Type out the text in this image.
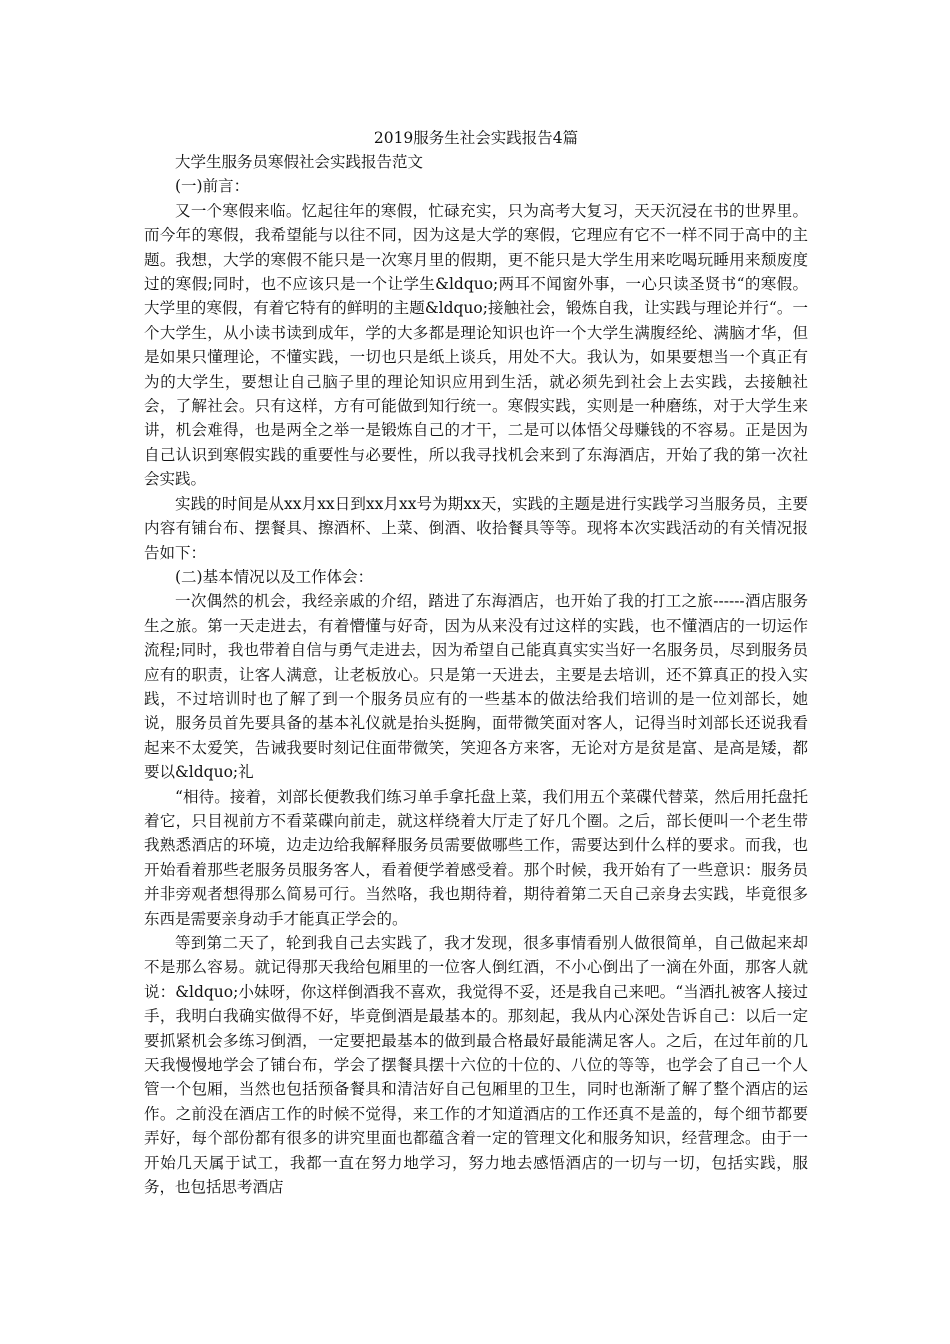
2019服务生社会实践报告4篇

大学生服务员寒假社会实践报告范文

(一)前言：

又一个寒假来临。忆起往年的寒假，忙碌充实，只为高考大复习，天天沉浸在书的世界里。而今年的寒假，我希望能与以往不同，因为这是大学的寒假，它理应有它不一样不同于高中的主题。我想，大学的寒假不能只是一次寒月里的假期，更不能只是大学生用来吃喝玩睡用来颓废度过的寒假;同时，也不应该只是一个让学生&ldquo;两耳不闻窗外事，一心只读圣贤书“的寒假。大学里的寒假，有着它特有的鲜明的主题&ldquo;接触社会，锻炼自我，让实践与理论并行“。一个大学生，从小读书读到成年，学的大多都是理论知识也许一个大学生满腹经纶、满脑才华，但是如果只懂理论，不懂实践，一切也只是纸上谈兵，用处不大。我认为，如果要想当一个真正有为的大学生，要想让自己脑子里的理论知识应用到生活，就必须先到社会上去实践，去接触社会，了解社会。只有这样，方有可能做到知行统一。寒假实践，实则是一种磨练，对于大学生来讲，机会难得，也是两全之举一是锻炼自己的才干，二是可以体悟父母赚钱的不容易。正是因为自己认识到寒假实践的重要性与必要性，所以我寻找机会来到了东海酒店，开始了我的第一次社会实践。

实践的时间是从xx月xx日到xx月xx号为期xx天，实践的主题是进行实践学习当服务员，主要内容有铺台布、摆餐具、擦酒杯、上菜、倒酒、收拾餐具等等。现将本次实践活动的有关情况报告如下：

(二)基本情况以及工作体会：

一次偶然的机会，我经亲戚的介绍，踏进了东海酒店，也开始了我的打工之旅------酒店服务生之旅。第一天走进去，有着懵懂与好奇，因为从来没有过这样的实践，也不懂酒店的一切运作流程;同时，我也带着自信与勇气走进去，因为希望自己能真真实实当好一名服务员，尽到服务员应有的职责，让客人满意，让老板放心。只是第一天进去，主要是去培训，还不算真正的投入实践，不过培训时也了解了到一个服务员应有的一些基本的做法给我们培训的是一位刘部长，她说，服务员首先要具备的基本礼仪就是抬头挺胸，面带微笑面对客人，记得当时刘部长还说我看起来不太爱笑，告诫我要时刻记住面带微笑，笑迎各方来客，无论对方是贫是富、是高是矮，都要以&ldquo;礼

“相待。接着，刘部长便教我们练习单手拿托盘上菜，我们用五个菜碟代替菜，然后用托盘托着它，只目视前方不看菜碟向前走，就这样绕着大厅走了好几个圈。之后，部长便叫一个老生带我熟悉酒店的环境，边走边给我解释服务员需要做哪些工作，需要达到什么样的要求。而我，也开始看着那些老服务员服务客人，看着便学着感受着。那个时候，我开始有了一些意识：服务员并非旁观者想得那么简易可行。当然咯，我也期待着，期待着第二天自己亲身去实践，毕竟很多东西是需要亲身动手才能真正学会的。

等到第二天了，轮到我自己去实践了，我才发现，很多事情看别人做很简单，自己做起来却不是那么容易。就记得那天我给包厢里的一位客人倒红酒，不小心倒出了一滴在外面，那客人就说：&ldquo;小妹呀，你这样倒酒我不喜欢，我觉得不妥，还是我自己来吧。“当酒扎被客人接过手，我明白我确实做得不好，毕竟倒酒是最基本的。那刻起，我从内心深处告诉自己：以后一定要抓紧机会多练习倒酒，一定要把最基本的做到最合格最好最能满足客人。之后，在过年前的几天我慢慢地学会了铺台布，学会了摆餐具摆十六位的十位的、八位的等等，也学会了自己一个人管一个包厢，当然也包括预备餐具和清洁好自己包厢里的卫生，同时也渐渐了解了整个酒店的运作。之前没在酒店工作的时候不觉得，来工作的才知道酒店的工作还真不是盖的，每个细节都要弄好，每个部份都有很多的讲究里面也都蕴含着一定的管理文化和服务知识，经营理念。由于一开始几天属于试工，我都一直在努力地学习，努力地去感悟酒店的一切与一切，包括实践，服务，也包括思考酒店
